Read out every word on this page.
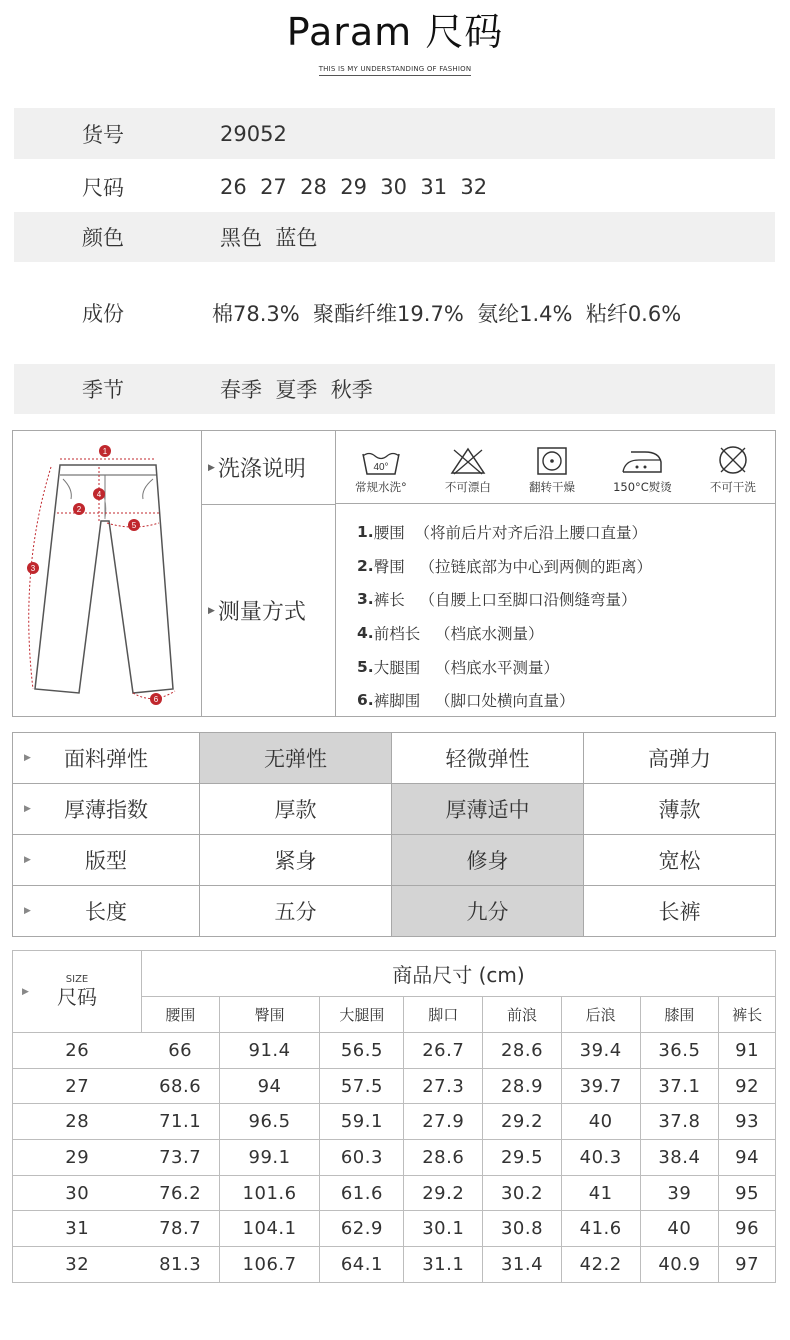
Param 尺码
THIS IS MY UNDERSTANDING OF FASHION
货号	29052
尺码	26  27  28  29  30  31  32
颜色	黑色  蓝色
成份	棉78.3%  聚酯纤维19.7%  氨纶1.4%  粘纤0.6%
季节	春季  夏季  秋季
1
2
3
4
5
6
▶ 洗涤说明
▶ 测量方式
40°
常规水洗°	不可漂白	翻转干燥	150°C熨烫	不可干洗
1. 腰围  （将前后片对齐后沿上腰口直量）
2. 臀围   （拉链底部为中心到两侧的距离）
3. 裤长   （自腰上口至脚口沿侧缝弯量）
4. 前档长   （档底水测量）
5. 大腿围   （档底水平测量）
6. 裤脚围   （脚口处横向直量）
▶ 面料弹性	无弹性	轻微弹性	高弹力

▶ 厚薄指数	厚款	厚薄适中	薄款

▶ 版型	紧身	修身	宽松

▶ 长度	五分	九分	长裤
▶
SIZE
尺码	商品尺寸 (cm)							
	腰围	臀围	大腿围	脚口	前浪	后浪	膝围	裤长
26	66	91.4	56.5	26.7	28.6	39.4	36.5	91
27	68.6	94	57.5	27.3	28.9	39.7	37.1	92
28	71.1	96.5	59.1	27.9	29.2	40	37.8	93
29	73.7	99.1	60.3	28.6	29.5	40.3	38.4	94
30	76.2	101.6	61.6	29.2	30.2	41	39	95
31	78.7	104.1	62.9	30.1	30.8	41.6	40	96
32	81.3	106.7	64.1	31.1	31.4	42.2	40.9	97
